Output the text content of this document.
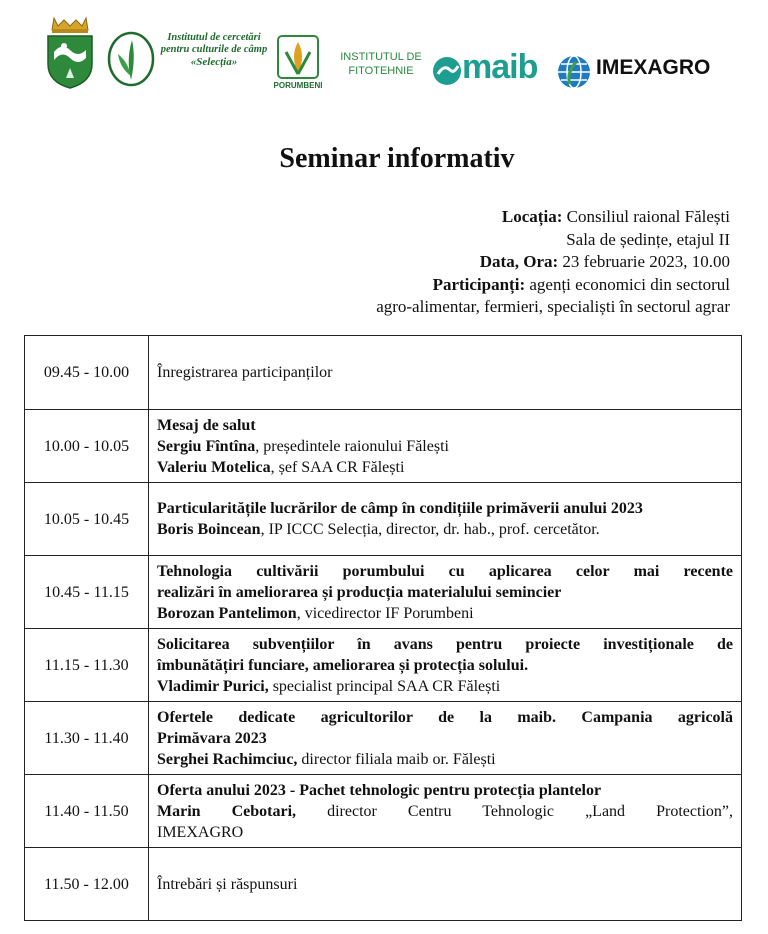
Institutul de cercetări
pentru culturile de câmp
«Selecția»
PORUMBENI
INSTITUTUL DE
FITOTEHNIE	maib	IMEXAGRO
Seminar informativ
Locația: Consiliul raional Fălești
Sala de ședințe, etajul II
Data, Ora: 23 februarie 2023, 10.00
Participanți: agenți economici din sectorul
agro-alimentar, fermieri, specialiști în sectorul agrar
09.45 - 10.00	Înregistrarea participanților

10.00 - 10.05	Mesaj de salut
Sergiu Fîntîna, președintele raionului Fălești
Valeriu Motelica, șef SAA CR Fălești

10.05 - 10.45	Particularitățile lucrărilor de câmp în condițiile primăverii anului 2023
Boris Boincean, IP ICCC Selecția, director, dr. hab., prof. cercetător.

10.45 - 11.15	Tehnologia cultivării porumbului cu aplicarea celor mai recente
realizări în ameliorarea și producția materialului semincier
Borozan Pantelimon, vicedirector IF Porumbeni

11.15 - 11.30	Solicitarea subvențiilor în avans pentru proiecte investiționale de
îmbunătățiri funciare, ameliorarea și protecția solului.
Vladimir Purici, specialist principal SAA CR Fălești

11.30 - 11.40	Ofertele dedicate agricultorilor de la maib. Campania agricolă
Primăvara 2023
Serghei Rachimciuc, director filiala maib or. Fălești

11.40 - 11.50	Oferta anului 2023 - Pachet tehnologic pentru protecția plantelor
Marin Cebotari, director Centru Tehnologic „Land Protection”,
IMEXAGRO

11.50 - 12.00	Întrebări și răspunsuri
